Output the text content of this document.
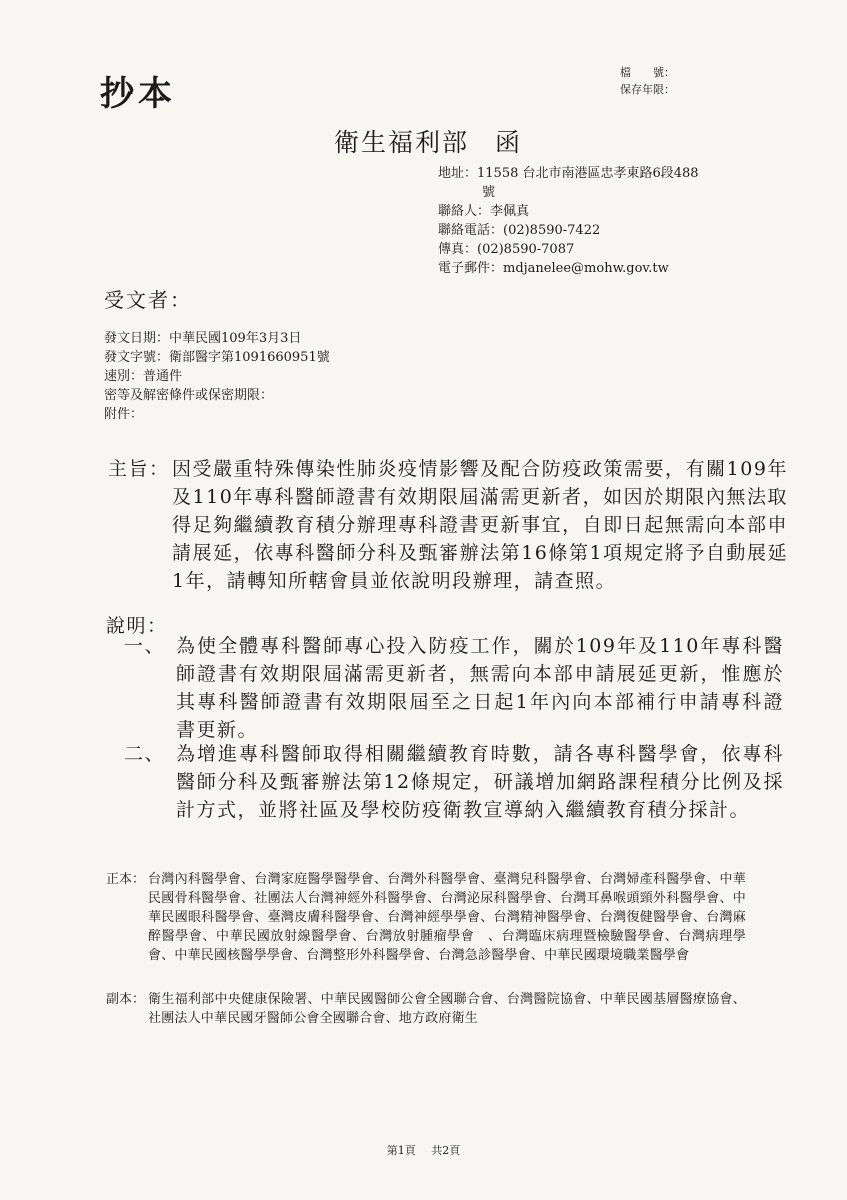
抄本
檔　　號：
保存年限：
衛生福利部 函
地址：11558 台北市南港區忠孝東路6段488
號
聯絡人：李佩真
聯絡電話：(02)8590-7422
傳真：(02)8590-7087
電子郵件：mdjanelee@mohw.gov.tw
受文者：
發文日期：中華民國109年3月3日
發文字號：衛部醫字第1091660951號
速別：普通件
密等及解密條件或保密期限：
附件：
主旨： 因受嚴重特殊傳染性肺炎疫情影響及配合防疫政策需要，有關109年及110年專科醫師證書有效期限屆滿需更新者，如因於期限內無法取得足夠繼續教育積分辦理專科證書更新事宜，自即日起無需向本部申請展延，依專科醫師分科及甄審辦法第16條第1項規定將予自動展延1年，請轉知所轄會員並依說明段辦理，請查照。
說明：
一、 為使全體專科醫師專心投入防疫工作，關於109年及110年專科醫師證書有效期限屆滿需更新者，無需向本部申請展延更新，惟應於其專科醫師證書有效期限屆至之日起1年內向本部補行申請專科證書更新。
二、 為增進專科醫師取得相關繼續教育時數，請各專科醫學會，依專科醫師分科及甄審辦法第12條規定，研議增加網路課程積分比例及採計方式，並將社區及學校防疫衛教宣導納入繼續教育積分採計。
正本： 台灣內科醫學會、台灣家庭醫學醫學會、台灣外科醫學會、臺灣兒科醫學會、台灣婦產科醫學會、中華民國骨科醫學會、社團法人台灣神經外科醫學會、台灣泌尿科醫學會、台灣耳鼻喉頭頸外科醫學會、中華民國眼科醫學會、臺灣皮膚科醫學會、台灣神經學學會、台灣精神醫學會、台灣復健醫學會、台灣麻醉醫學會、中華民國放射線醫學會、台灣放射腫瘤學會　、台灣臨床病理暨檢驗醫學會、台灣病理學會、中華民國核醫學學會、台灣整形外科醫學會、台灣急診醫學會、中華民國環境職業醫學會
副本： 衛生福利部中央健康保險署、中華民國醫師公會全國聯合會、台灣醫院協會、中華民國基層醫療協會、社團法人中華民國牙醫師公會全國聯合會、地方政府衛生
第1頁 共2頁
